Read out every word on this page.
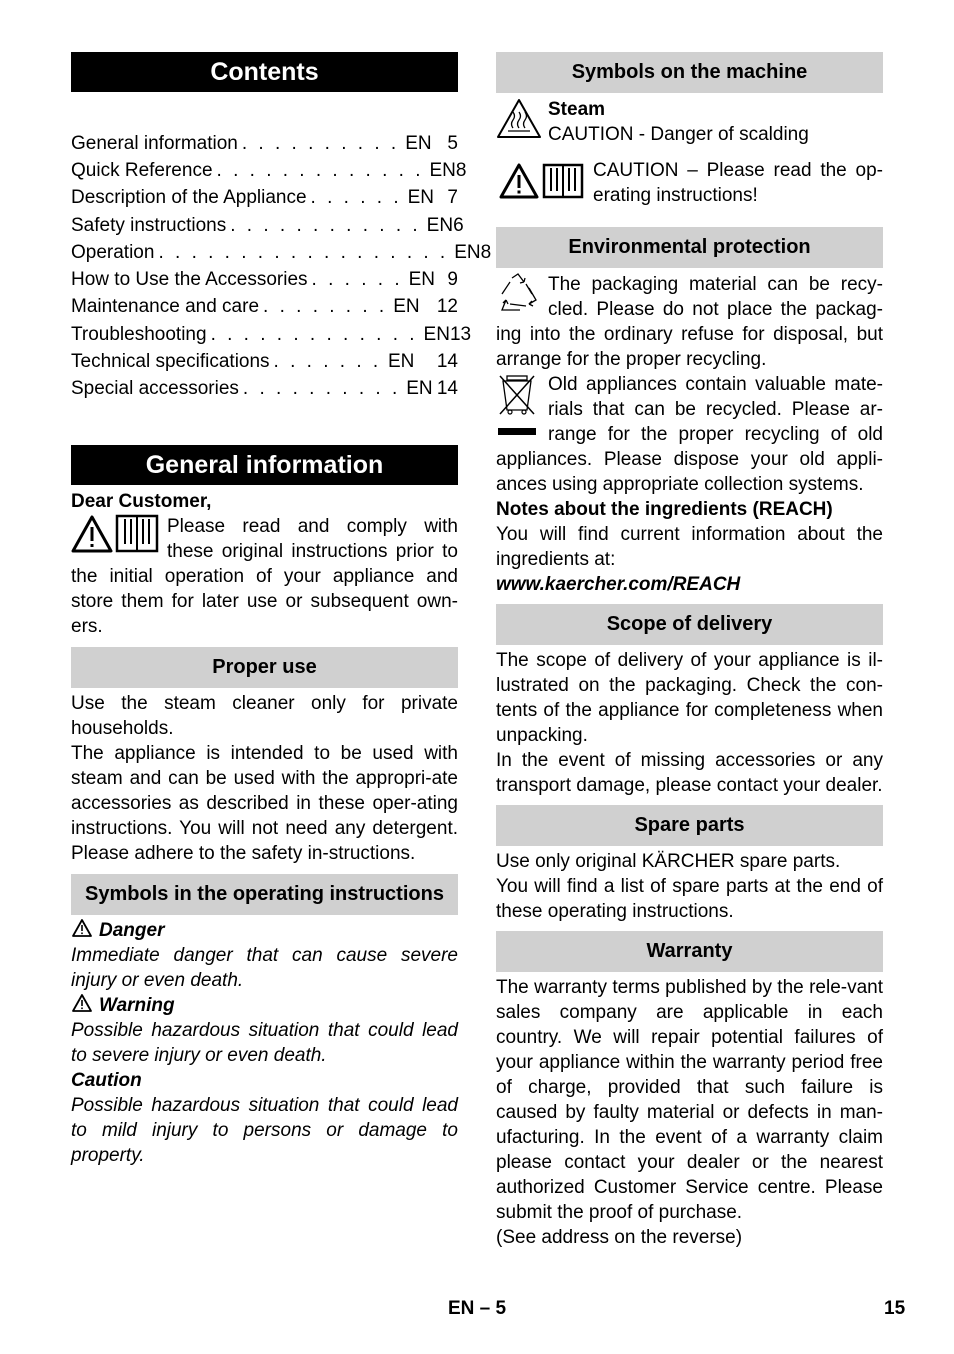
Contents
General information . . . . . . . . . . EN 5
Quick Reference . . . . . . . . . . . . . EN 8
Description of the Appliance . . . . . . EN 7
Safety instructions . . . . . . . . . . . . EN 6
Operation . . . . . . . . . . . . . . . . . . EN 8
How to Use the Accessories . . . . . . EN 9
Maintenance and care . . . . . . . . EN 12
Troubleshooting . . . . . . . . . . . . . EN 13
Technical specifications . . . . . . . EN	14
Special accessories . . . . . . . . . . EN 14
General information

Dear Customer,

Please read and comply with these original instructions prior to the initial operation of your appliance and store them for later use or subsequent own-ers.

Proper use

Use the steam cleaner only for private households.

The appliance is intended to be used with steam and can be used with the appropri-ate accessories as described in these oper-ating instructions. You will not need any detergent. Please adhere to the safety in-structions.

Symbols in the operating instructions

Danger

Immediate danger that can cause severe injury or even death.

Warning

Possible hazardous situation that could lead to severe injury or even death.

Caution

Possible hazardous situation that could lead to mild injury to persons or damage to property.

Symbols on the machine

Steam

CAUTION - Danger of scalding

CAUTION – Please read the op-erating instructions!

Environmental protection

The packaging material can be recy-cled. Please do not place the packag-ing into the ordinary refuse for disposal, but arrange for the proper recycling.

Old appliances contain valuable mate-rials that can be recycled. Please ar-range for the proper recycling of old appliances. Please dispose your old appli-ances using appropriate collection systems.

Notes about the ingredients (REACH)

You will find current information about the ingredients at:

www.kaercher.com/REACH

Scope of delivery

The scope of delivery of your appliance is il-lustrated on the packaging. Check the con-tents of the appliance for completeness when unpacking.

In the event of missing accessories or any transport damage, please contact your dealer.

Spare parts

Use only original KÄRCHER spare parts.

You will find a list of spare parts at the end of these operating instructions.

Warranty

The warranty terms published by the rele-vant sales company are applicable in each country. We will repair potential failures of your appliance within the warranty period free of charge, provided that such failure is caused by faulty material or defects in man-ufacturing. In the event of a warranty claim please contact your dealer or the nearest authorized Customer Service centre. Please submit the proof of purchase.

(See address on the reverse)

EN – 5	15
